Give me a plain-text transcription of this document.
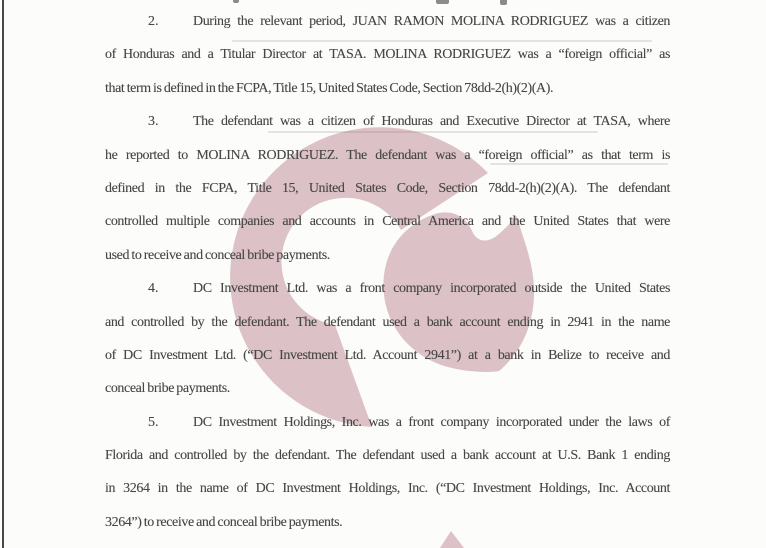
2. During the relevant period, JUAN RAMON MOLINA RODRIGUEZ was a citizen
of Honduras and a Titular Director at TASA. MOLINA RODRIGUEZ was a “foreign official” as
that term is defined in the FCPA, Title 15, United States Code, Section 78dd-2(h)(2)(A).
3. The defendant was a citizen of Honduras and Executive Director at TASA, where
he reported to MOLINA RODRIGUEZ. The defendant was a “foreign official” as that term is
defined in the FCPA, Title 15, United States Code, Section 78dd-2(h)(2)(A). The defendant
controlled multiple companies and accounts in Central America and the United States that were
used to receive and conceal bribe payments.
4. DC Investment Ltd. was a front company incorporated outside the United States
and controlled by the defendant. The defendant used a bank account ending in 2941 in the name
of DC Investment Ltd. (“DC Investment Ltd. Account 2941”) at a bank in Belize to receive and
conceal bribe payments.
5. DC Investment Holdings, Inc. was a front company incorporated under the laws of
Florida and controlled by the defendant. The defendant used a bank account at U.S. Bank 1 ending
in 3264 in the name of DC Investment Holdings, Inc. (“DC Investment Holdings, Inc. Account
3264”) to receive and conceal bribe payments.
